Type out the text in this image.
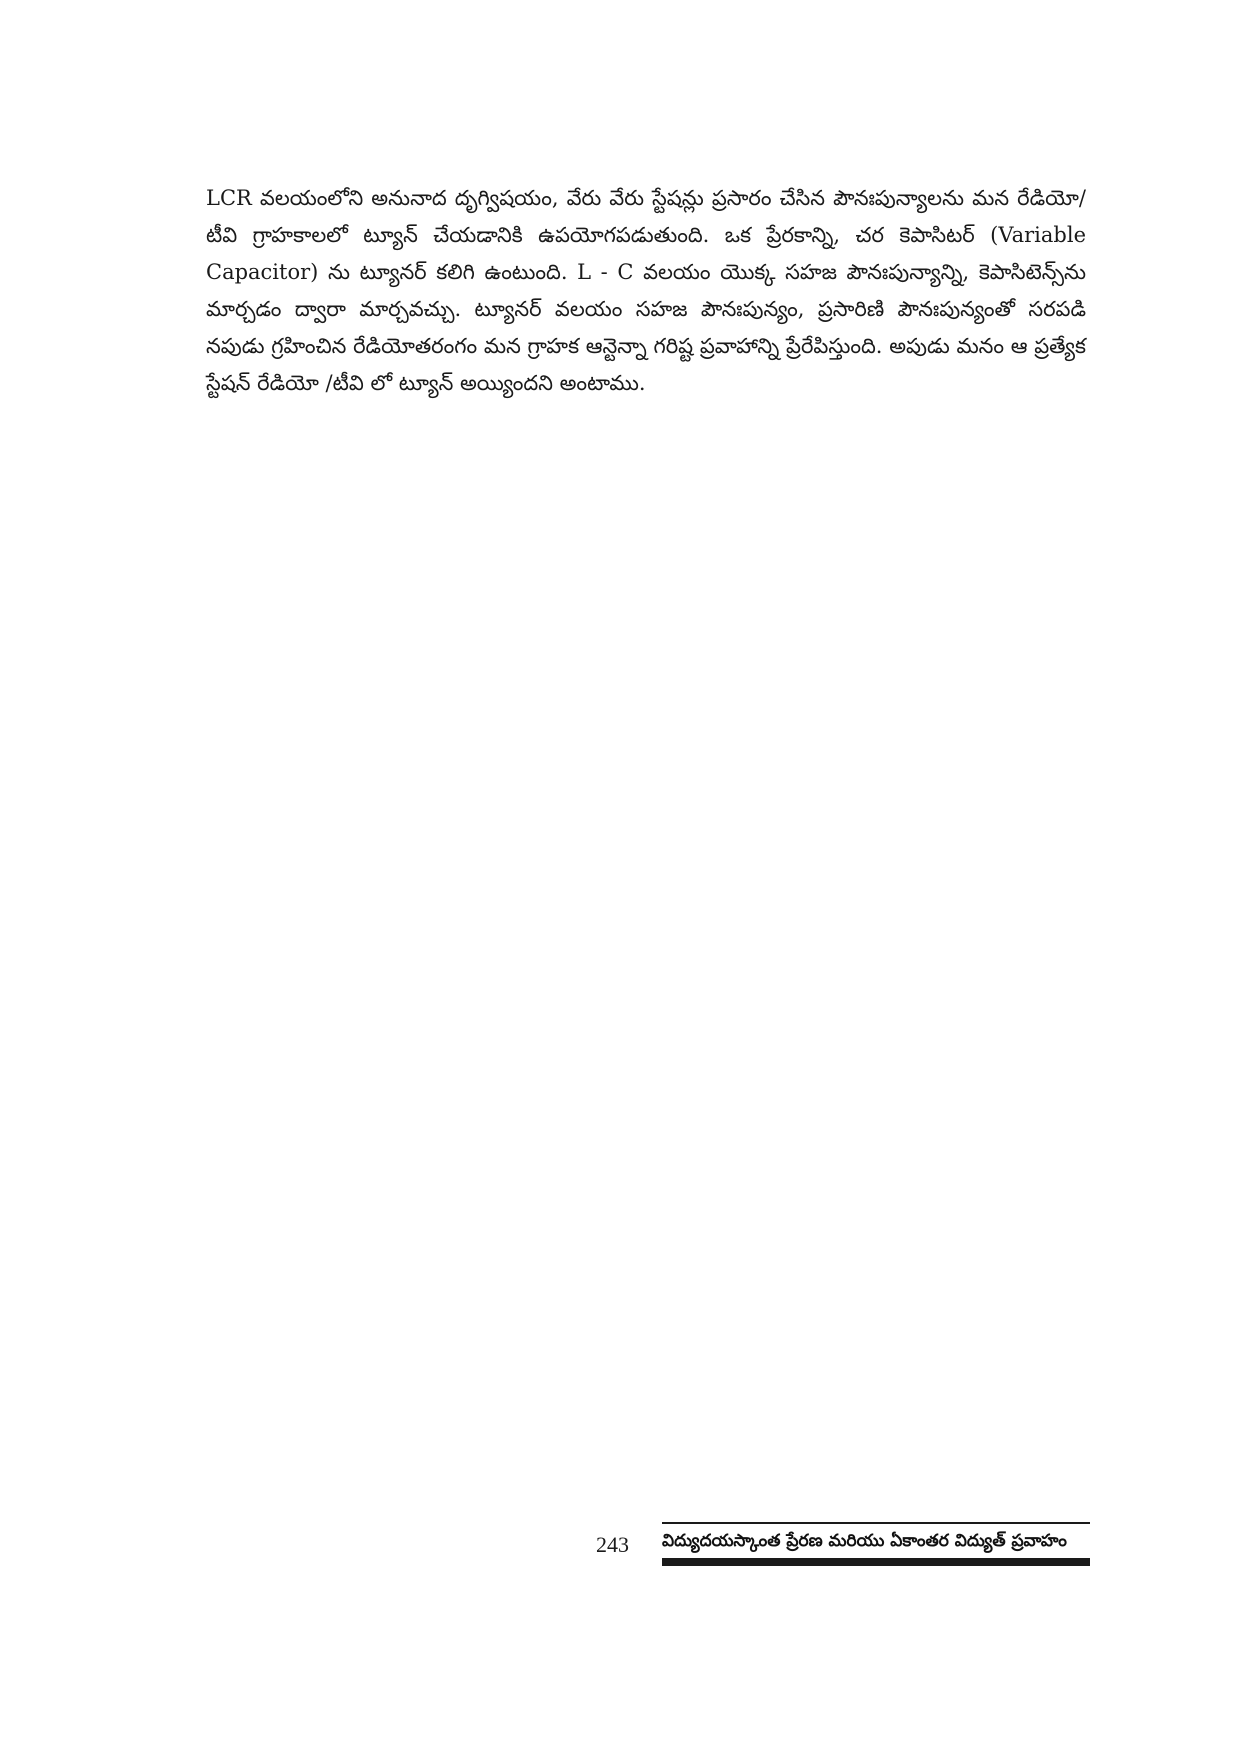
LCR వలయంలోని అనునాద దృగ్విషయం, వేరు వేరు స్టేషన్లు ప్రసారం చేసిన పౌనఃపున్యాలను మన రేడియో/ టీవి గ్రాహకాలలో ట్యూన్ చేయడానికి ఉపయోగపడుతుంది. ఒక ప్రేరకాన్ని, చర కెపాసిటర్ (Variable Capacitor) ను ట్యూనర్ కలిగి ఉంటుంది. L - C వలయం యొక్క సహజ పౌనఃపున్యాన్ని, కెపాసిటెన్స్‌ను మార్చడం ద్వారా మార్చవచ్చు. ట్యూనర్ వలయం సహజ పౌనఃపున్యం, ప్రసారిణి పౌనఃపున్యంతో సరపడి నపుడు గ్రహించిన రేడియోతరంగం మన గ్రాహక ఆన్టెన్నా గరిష్ట ప్రవాహాన్ని ప్రేరేపిస్తుంది. అపుడు మనం ఆ ప్రత్యేక స్టేషన్ రేడియో /టీవి లో ట్యూన్ అయ్యిందని అంటాము.

243	విద్యుదయస్కాంత ప్రేరణ మరియు ఏకాంతర విద్యుత్ ప్రవాహం
